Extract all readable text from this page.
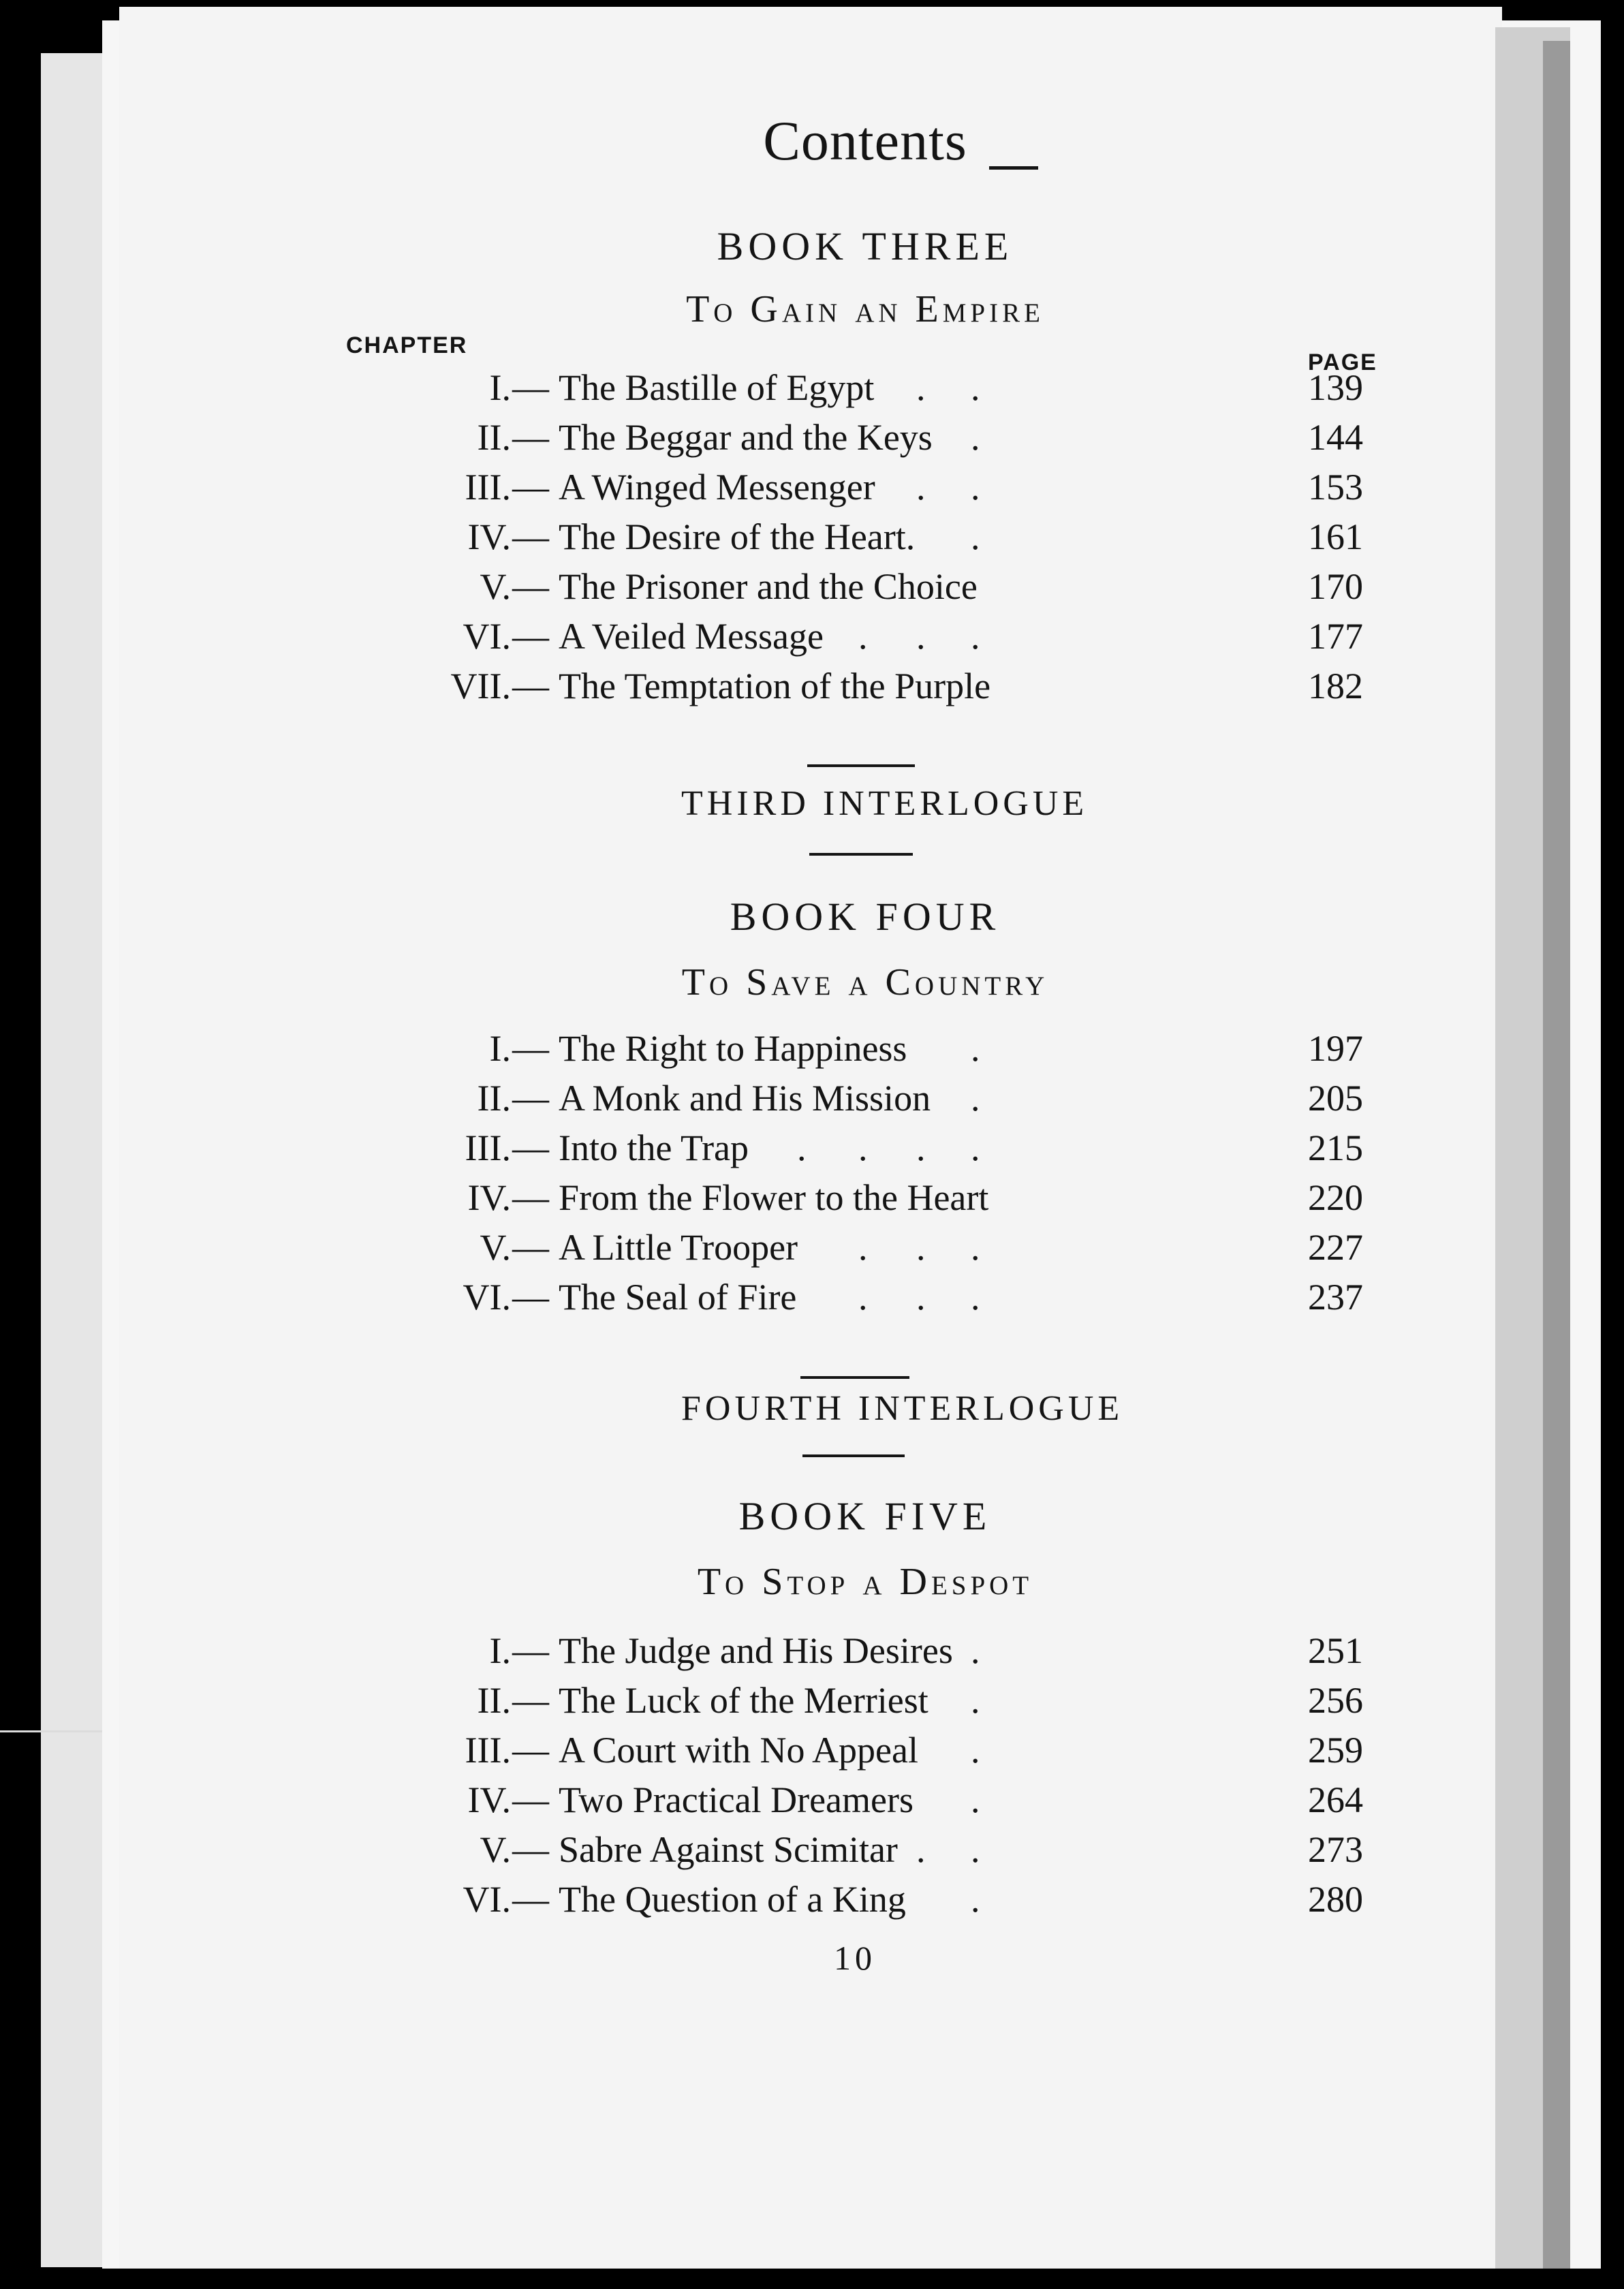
Contents
BOOK THREE
To Gain an Empire
CHAPTER
PAGE
I. — The Bastille of Egypt . .	139
II. — The Beggar and the Keys .	144
III. — A Winged Messenger . .	153
IV. — The Desire of the Heart. .	161
V. — The Prisoner and the Choice	170
VI. — A Veiled Message . . .	177
VII. — The Temptation of the Purple	182
THIRD INTERLOGUE
BOOK FOUR
To Save a Country
I. — The Right to Happiness .	197
II. — A Monk and His Mission .	205
III. — Into the Trap . . . .	215
IV. — From the Flower to the Heart	220
V. — A Little Trooper . . .	227
VI. — The Seal of Fire . . .	237
FOURTH INTERLOGUE
BOOK FIVE
To Stop a Despot
I. — The Judge and His Desires .	251
II. — The Luck of the Merriest .	256
III. — A Court with No Appeal .	259
IV. — Two Practical Dreamers .	264
V. — Sabre Against Scimitar . .	273
VI. — The Question of a King .	280
10
